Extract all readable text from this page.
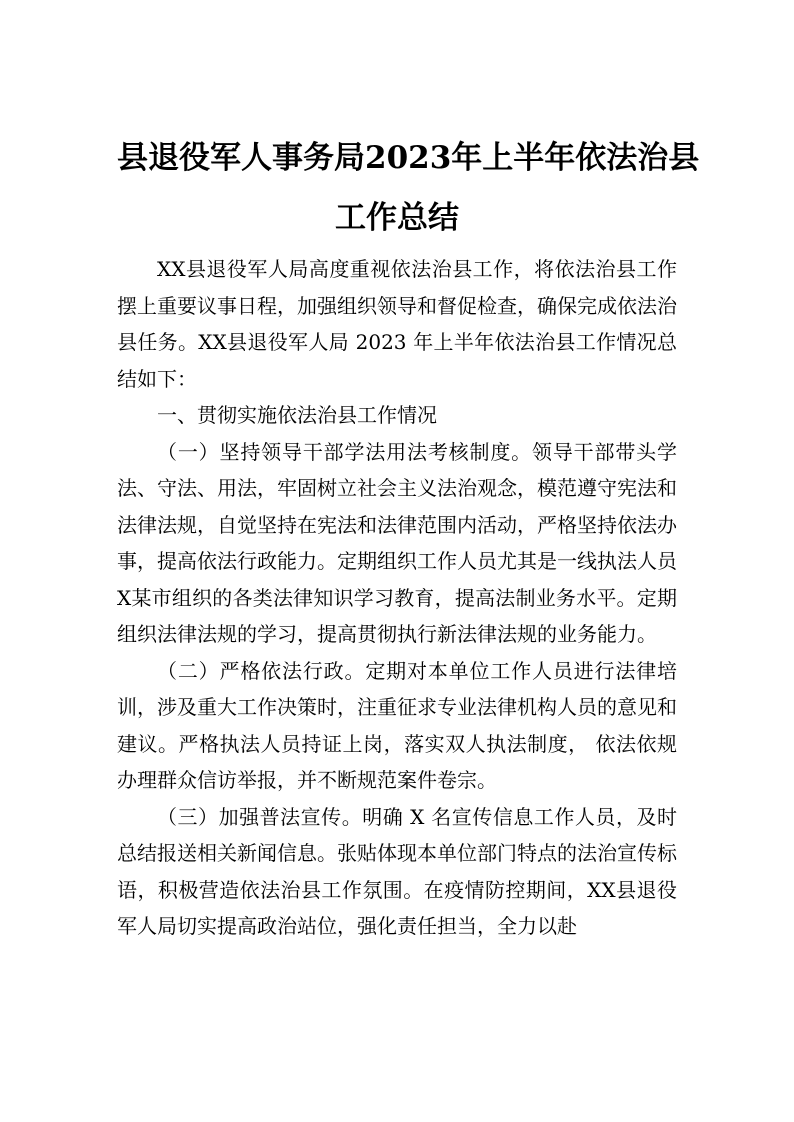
县退役军人事务局2023年上半年依法治县
工作总结

XX县退役军人局高度重视依法治县工作，将依法治县工作摆上重要议事日程，加强组织领导和督促检查，确保完成依法治县任务。XX县退役军人局 2023 年上半年依法治县工作情况总结如下：

一、贯彻实施依法治县工作情况

（一）坚持领导干部学法用法考核制度。领导干部带头学法、守法、用法，牢固树立社会主义法治观念，模范遵守宪法和法律法规，自觉坚持在宪法和法律范围内活动，严格坚持依法办事，提高依法行政能力。定期组织工作人员尤其是一线执法人员X某市组织的各类法律知识学习教育，提高法制业务水平。定期组织法律法规的学习，提高贯彻执行新法律法规的业务能力。

（二）严格依法行政。定期对本单位工作人员进行法律培训，涉及重大工作决策时，注重征求专业法律机构人员的意见和建议。严格执法人员持证上岗，落实双人执法制度， 依法依规办理群众信访举报，并不断规范案件卷宗。

（三）加强普法宣传。明确 X 名宣传信息工作人员，及时总结报送相关新闻信息。张贴体现本单位部门特点的法治宣传标语，积极营造依法治县工作氛围。在疫情防控期间，XX县退役军人局切实提高政治站位，强化责任担当，全力以赴
